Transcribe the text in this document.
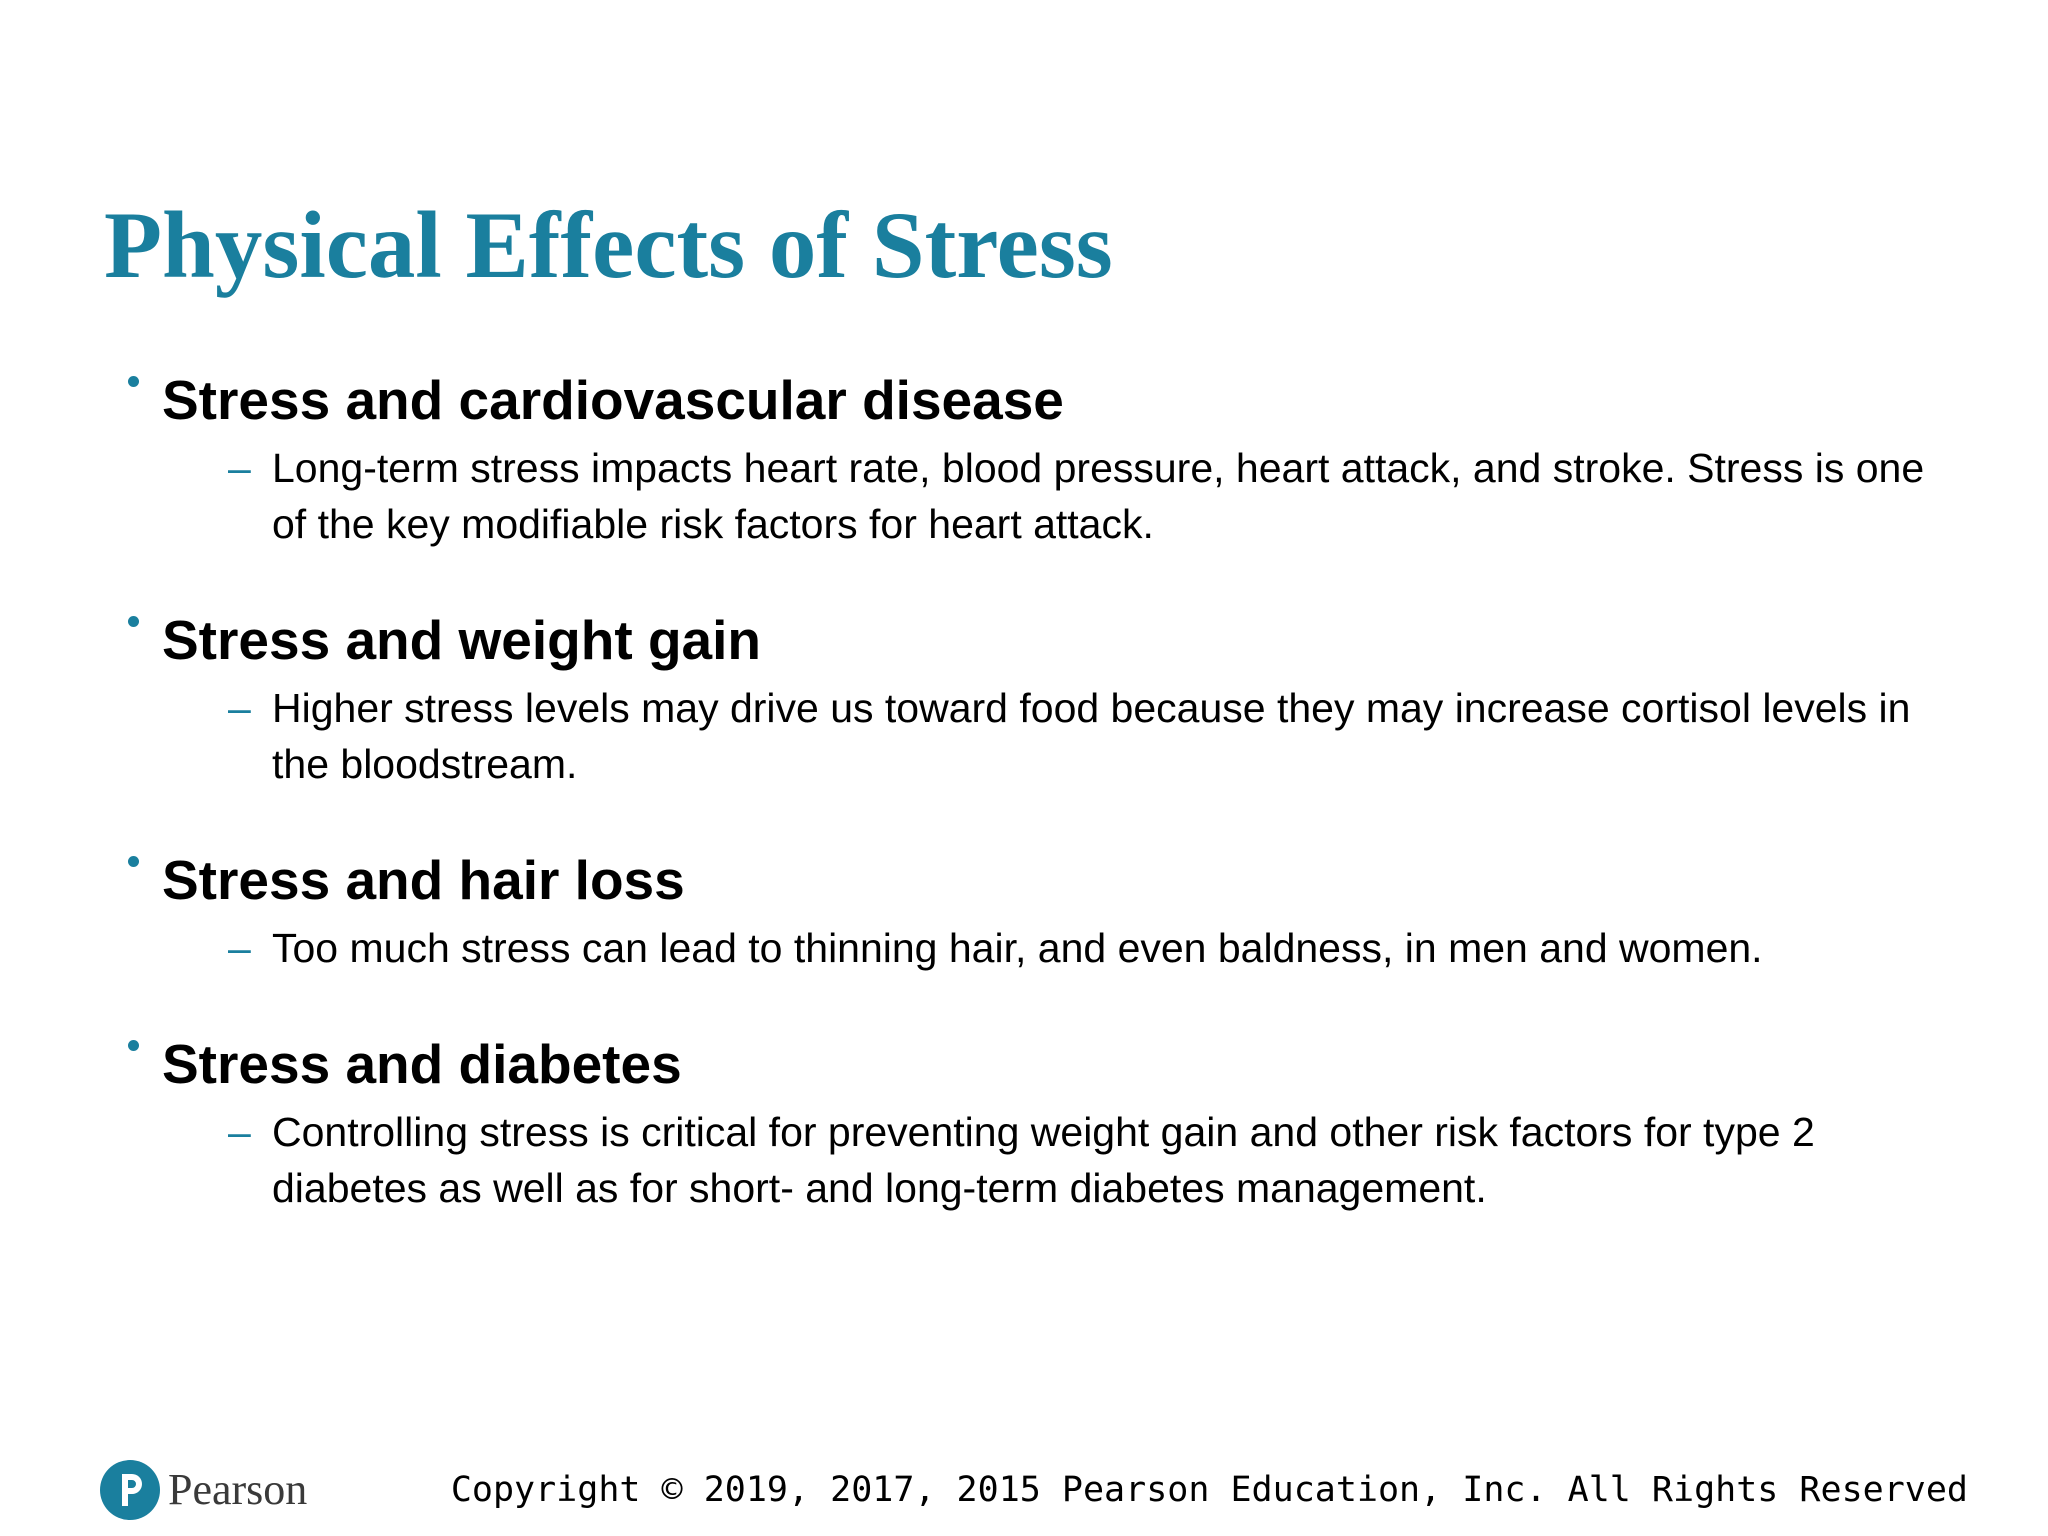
Physical Effects of Stress
Stress and cardiovascular disease
– Long-term stress impacts heart rate, blood pressure, heart attack, and stroke. Stress is one of the key modifiable risk factors for heart attack.

Stress and weight gain
– Higher stress levels may drive us toward food because they may increase cortisol levels in the bloodstream.

Stress and hair loss
– Too much stress can lead to thinning hair, and even baldness, in men and women.

Stress and diabetes
– Controlling stress is critical for preventing weight gain and other risk factors for type 2 diabetes as well as for short- and long-term diabetes management.

Pearson	Copyright © 2019, 2017, 2015 Pearson Education, Inc. All Rights Reserved
